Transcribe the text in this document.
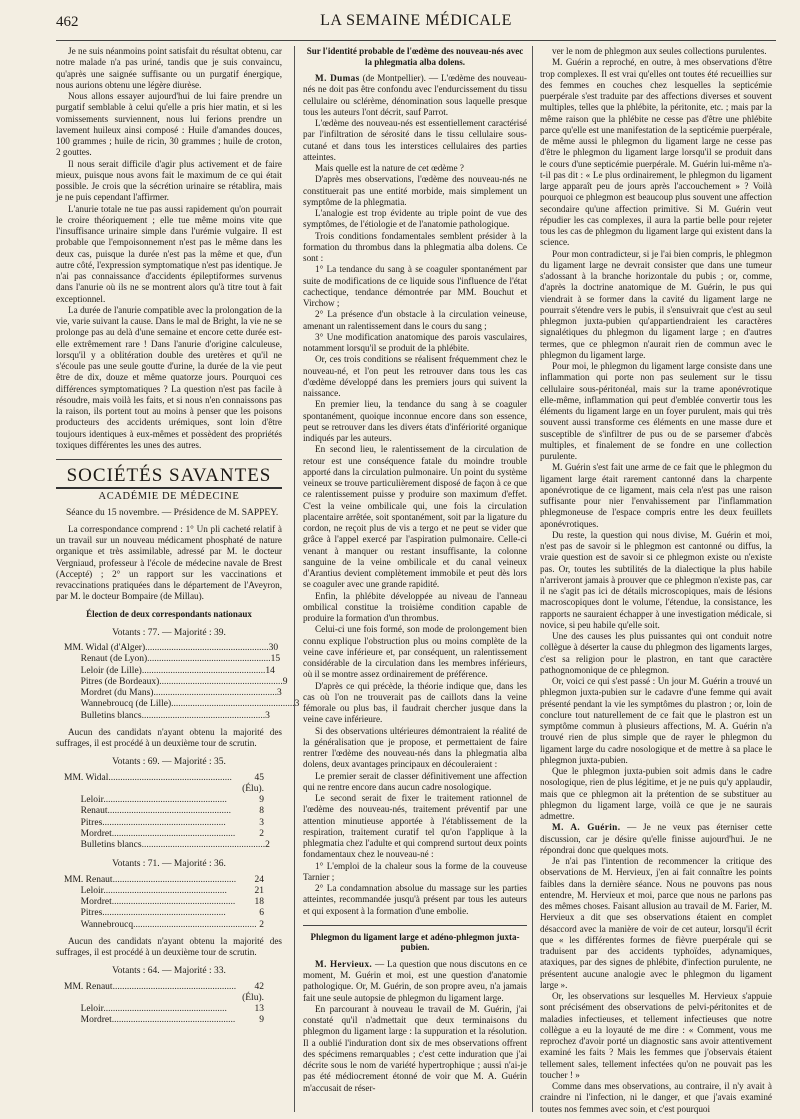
462	LA SEMAINE MÉDICALE

Je ne suis néanmoins point satisfait du résultat obtenu, car notre malade n'a pas uriné, tandis que je suis convaincu, qu'après une saignée suffisante ou un purgatif énergique, nous aurions obtenu une légère diurèse.

Nous allons essayer aujourd'hui de lui faire prendre un purgatif semblable à celui qu'elle a pris hier matin, et si les vomissements surviennent, nous lui ferions prendre un lavement huileux ainsi composé : Huile d'amandes douces, 100 grammes ; huile de ricin, 30 grammes ; huile de croton, 2 gouttes.

Il nous serait difficile d'agir plus activement et de faire mieux, puisque nous avons fait le maximum de ce qui était possible. Je crois que la sécrétion urinaire se rétablira, mais je ne puis cependant l'affirmer.

L'anurie totale ne tue pas aussi rapidement qu'on pourrait le croire théoriquement ; elle tue même moins vite que l'insuffisance urinaire simple dans l'urémie vulgaire. Il est probable que l'empoisonnement n'est pas le même dans les deux cas, puisque la durée n'est pas la même et que, d'un autre côté, l'expression symptomatique n'est pas identique. Je n'ai pas connaissance d'accidents épileptiformes survenus dans l'anurie où ils ne se montrent alors qu'à titre tout à fait exceptionnel.

La durée de l'anurie compatible avec la prolongation de la vie, varie suivant la cause. Dans le mal de Bright, la vie ne se prolonge pas au delà d'une semaine et encore cette durée est-elle extrêmement rare ! Dans l'anurie d'origine calculeuse, lorsqu'il y a oblitération double des uretères et qu'il ne s'écoule pas une seule goutte d'urine, la durée de la vie peut être de dix, douze et même quatorze jours. Pourquoi ces différences symptomatiques ? La question n'est pas facile à résoudre, mais voilà les faits, et si nous n'en connaissons pas la raison, ils portent tout au moins à penser que les poisons producteurs des accidents urémiques, sont loin d'être toujours identiques à eux-mêmes et possèdent des propriétés toxiques différentes les unes des autres.

SOCIÉTÉS SAVANTES
ACADÉMIE DE MÉDECINE
Séance du 15 novembre. — Présidence de M. SAPPEY.

La correspondance comprend : 1° Un pli cacheté relatif à un travail sur un nouveau médicament phosphaté de nature organique et très assimilable, adressé par M. le docteur Vergniaud, professeur à l'école de médecine navale de Brest (Accepté) ; 2° un rapport sur les vaccinations et revaccinations pratiquées dans le département de l'Aveyron, par M. le docteur Bompaire (de Millau).

Élection de deux correspondants nationaux
Votants : 77. — Majorité : 39.
MM. Widal (d'Alger).................................................... 30
Renaut (de Lyon).................................................... 15
Leloir (de Lille).................................................... 14
Pitres (de Bordeaux).................................................... 9
Mordret (du Mans).................................................... 3
Wannebroucq (de Lille).................................................... 3
Bulletins blancs.................................................... 3

Aucun des candidats n'ayant obtenu la majorité des suffrages, il est procédé à un deuxième tour de scrutin.

Votants : 69. — Majorité : 35.
MM. Widal....................................................	45 (Élu).
Leloir....................................................	9
Renaut....................................................	8
Pitres....................................................	3
Mordret....................................................	2
Bulletins blancs.................................................... 2
Votants : 71. — Majorité : 36.
MM. Renaut....................................................	24
Leloir....................................................	21
Mordret....................................................	18
Pitres....................................................	6
Wannebroucq.................................................... 2

Aucun des candidats n'ayant obtenu la majorité des suffrages, il est procédé à un deuxième tour de scrutin.

Votants : 64. — Majorité : 33.
MM. Renaut....................................................	42 (Élu).
Leloir....................................................	13
Mordret....................................................	9
Sur l'identité probable de l'œdème des nouveau-nés avec la phlegmatia alba dolens.

M. Dumas (de Montpellier). — L'œdème des nouveau-nés ne doit pas être confondu avec l'endurcissement du tissu cellulaire ou sclérème, dénomination sous laquelle presque tous les auteurs l'ont décrit, sauf Parrot.

L'œdème des nouveau-nés est essentiellement caractérisé par l'infiltration de sérosité dans le tissu cellulaire sous-cutané et dans tous les interstices cellulaires des parties atteintes.

Mais quelle est la nature de cet œdème ?

D'après mes observations, l'œdème des nouveau-nés ne constituerait pas une entité morbide, mais simplement un symptôme de la phlegmatia.

L'analogie est trop évidente au triple point de vue des symptômes, de l'étiologie et de l'anatomie pathologique.

Trois conditions fondamentales semblent présider à la formation du thrombus dans la phlegmatia alba dolens. Ce sont :

1° La tendance du sang à se coaguler spontanément par suite de modifications de ce liquide sous l'influence de l'état cachectique, tendance démontrée par MM. Bouchut et Virchow ;

2° La présence d'un obstacle à la circulation veineuse, amenant un ralentissement dans le cours du sang ;

3° Une modification anatomique des parois vasculaires, notamment lorsqu'il se produit de la phlébite.

Or, ces trois conditions se réalisent fréquemment chez le nouveau-né, et l'on peut les retrouver dans tous les cas d'œdème développé dans les premiers jours qui suivent la naissance.

En premier lieu, la tendance du sang à se coaguler spontanément, quoique inconnue encore dans son essence, peut se retrouver dans les divers états d'infériorité organique indiqués par les auteurs.

En second lieu, le ralentissement de la circulation de retour est une conséquence fatale du moindre trouble apporté dans la circulation pulmonaire. Un point du système veineux se trouve particulièrement disposé de façon à ce que ce ralentissement puisse y produire son maximum d'effet. C'est la veine ombilicale qui, une fois la circulation placentaire arrêtée, soit spontanément, soit par la ligature du cordon, ne reçoit plus de vis a tergo et ne peut se vider que grâce à l'appel exercé par l'aspiration pulmonaire. Celle-ci venant à manquer ou restant insuffisante, la colonne sanguine de la veine ombilicale et du canal veineux d'Arantius devient complètement immobile et peut dès lors se coaguler avec une grande rapidité.

Enfin, la phlébite développée au niveau de l'anneau ombilical constitue la troisième condition capable de produire la formation d'un thrombus.

Celui-ci une fois formé, son mode de prolongement bien connu explique l'obstruction plus ou moins complète de la veine cave inférieure et, par conséquent, un ralentissement considérable de la circulation dans les membres inférieurs, où il se montre assez ordinairement de préférence.

D'après ce qui précède, la théorie indique que, dans les cas où l'on ne trouverait pas de caillots dans la veine fémorale ou plus bas, il faudrait chercher jusque dans la veine cave inférieure.

Si des observations ultérieures démontraient la réalité de la généralisation que je propose, et permettaient de faire rentrer l'œdème des nouveau-nés dans la phlegmatia alba dolens, deux avantages principaux en découleraient :

Le premier serait de classer définitivement une affection qui ne rentre encore dans aucun cadre nosologique.

Le second serait de fixer le traitement rationnel de l'œdème des nouveau-nés, traitement préventif par une attention minutieuse apportée à l'établissement de la respiration, traitement curatif tel qu'on l'applique à la phlegmatia chez l'adulte et qui comprend surtout deux points fondamentaux chez le nouveau-né :

1° L'emploi de la chaleur sous la forme de la couveuse Tarnier ;

2° La condamnation absolue du massage sur les parties atteintes, recommandée jusqu'à présent par tous les auteurs et qui exposent à la formation d'une embolie.

Phlegmon du ligament large et adéno-phlegmon juxta-pubien.

M. Hervieux. — La question que nous discutons en ce moment, M. Guérin et moi, est une question d'anatomie pathologique. Or, M. Guérin, de son propre aveu, n'a jamais fait une seule autopsie de phlegmon du ligament large.

En parcourant à nouveau le travail de M. Guérin, j'ai constaté qu'il n'admettait que deux terminaisons du phlegmon du ligament large : la suppuration et la résolution. Il a oublié l'induration dont six de mes observations offrent des spécimens remarquables ; c'est cette induration que j'ai décrite sous le nom de variété hypertrophique ; aussi n'ai-je pas été médiocrement étonné de voir que M. A. Guérin m'accusait de réser-

ver le nom de phlegmon aux seules collections purulentes.

M. Guérin a reproché, en outre, à mes observations d'être trop complexes. Il est vrai qu'elles ont toutes été recueillies sur des femmes en couches chez lesquelles la septicémie puerpérale s'est traduite par des affections diverses et souvent multiples, telles que la phlébite, la péritonite, etc. ; mais par la même raison que la phlébite ne cesse pas d'être une phlébite parce qu'elle est une manifestation de la septicémie puerpérale, de même aussi le phlegmon du ligament large ne cesse pas d'être le phlegmon du ligament large lorsqu'il se produit dans le cours d'une septicémie puerpérale. M. Guérin lui-même n'a-t-il pas dit : « Le plus ordinairement, le phlegmon du ligament large apparaît peu de jours après l'accouchement » ? Voilà pourquoi ce phlegmon est beaucoup plus souvent une affection secondaire qu'une affection primitive. Si M. Guérin veut répudier les cas complexes, il aura la partie belle pour rejeter tous les cas de phlegmon du ligament large qui existent dans la science.

Pour mon contradicteur, si je l'ai bien compris, le phlegmon du ligament large ne devrait consister que dans une tumeur s'adossant à la branche horizontale du pubis ; or, comme, d'après la doctrine anatomique de M. Guérin, le pus qui viendrait à se former dans la cavité du ligament large ne pourrait s'étendre vers le pubis, il s'ensuivrait que c'est au seul phlegmon juxta-pubien qu'appartiendraient les caractères signalétiques du phlegmon du ligament large ; en d'autres termes, que ce phlegmon n'aurait rien de commun avec le phlegmon du ligament large.

Pour moi, le phlegmon du ligament large consiste dans une inflammation qui porte non pas seulement sur le tissu cellulaire sous-péritonéal, mais sur la trame aponévrotique elle-même, inflammation qui peut d'emblée convertir tous les éléments du ligament large en un foyer purulent, mais qui très souvent aussi transforme ces éléments en une masse dure et susceptible de s'infiltrer de pus ou de se parsemer d'abcès multiples, et finalement de se fondre en une collection purulente.

M. Guérin s'est fait une arme de ce fait que le phlegmon du ligament large était rarement cantonné dans la charpente aponévrotique de ce ligament, mais cela n'est pas une raison suffisante pour nier l'envahissement par l'inflammation phlegmoneuse de l'espace compris entre les deux feuillets aponévrotiques.

Du reste, la question qui nous divise, M. Guérin et moi, n'est pas de savoir si le phlegmon est cantonné ou diffus, la vraie question est de savoir si ce phlegmon existe ou n'existe pas. Or, toutes les subtilités de la dialectique la plus habile n'arriveront jamais à prouver que ce phlegmon n'existe pas, car il ne s'agit pas ici de détails microscopiques, mais de lésions macroscopiques dont le volume, l'étendue, la consistance, les rapports ne sauraient échapper à une investigation médicale, si novice, si peu habile qu'elle soit.

Une des causes les plus puissantes qui ont conduit notre collègue à déserter la cause du phlegmon des ligaments larges, c'est sa religion pour le plastron, en tant que caractère pathognomonique de ce phlegmon.

Or, voici ce qui s'est passé : Un jour M. Guérin a trouvé un phlegmon juxta-pubien sur le cadavre d'une femme qui avait présenté pendant la vie les symptômes du plastron ; or, loin de conclure tout naturellement de ce fait que le plastron est un symptôme commun à plusieurs affections, M. A. Guérin n'a trouvé rien de plus simple que de rayer le phlegmon du ligament large du cadre nosologique et de mettre à sa place le phlegmon juxta-pubien.

Que le phlegmon juxta-pubien soit admis dans le cadre nosologique, rien de plus légitime, et je ne puis qu'y applaudir, mais que ce phlegmon ait la prétention de se substituer au phlegmon du ligament large, voilà ce que je ne saurais admettre.

M. A. Guérin. — Je ne veux pas éterniser cette discussion, car je désire qu'elle finisse aujourd'hui. Je ne répondrai donc que quelques mots.

Je n'ai pas l'intention de recommencer la critique des observations de M. Hervieux, j'en ai fait connaître les points faibles dans la dernière séance. Nous ne pouvons pas nous entendre, M. Hervieux et moi, parce que nous ne parlons pas des mêmes choses. Faisant allusion au travail de M. Farier, M. Hervieux a dit que ses observations étaient en complet désaccord avec la manière de voir de cet auteur, lorsqu'il écrit que « les différentes formes de fièvre puerpérale qui se traduisent par des accidents typhoïdes, adynamiques, ataxiques, par des signes de phlébite, d'infection purulente, ne présentent aucune analogie avec le phlegmon du ligament large ».

Or, les observations sur lesquelles M. Hervieux s'appuie sont précisément des observations de pelvi-péritonites et de maladies infectieuses, et tellement infectieuses que notre collègue a eu la loyauté de me dire : « Comment, vous me reprochez d'avoir porté un diagnostic sans avoir attentivement examiné les faits ? Mais les femmes que j'observais étaient tellement sales, tellement infectées qu'on ne pouvait pas les toucher ! »

Comme dans mes observations, au contraire, il n'y avait à craindre ni l'infection, ni le danger, et que j'avais examiné toutes nos femmes avec soin, et c'est pourquoi
